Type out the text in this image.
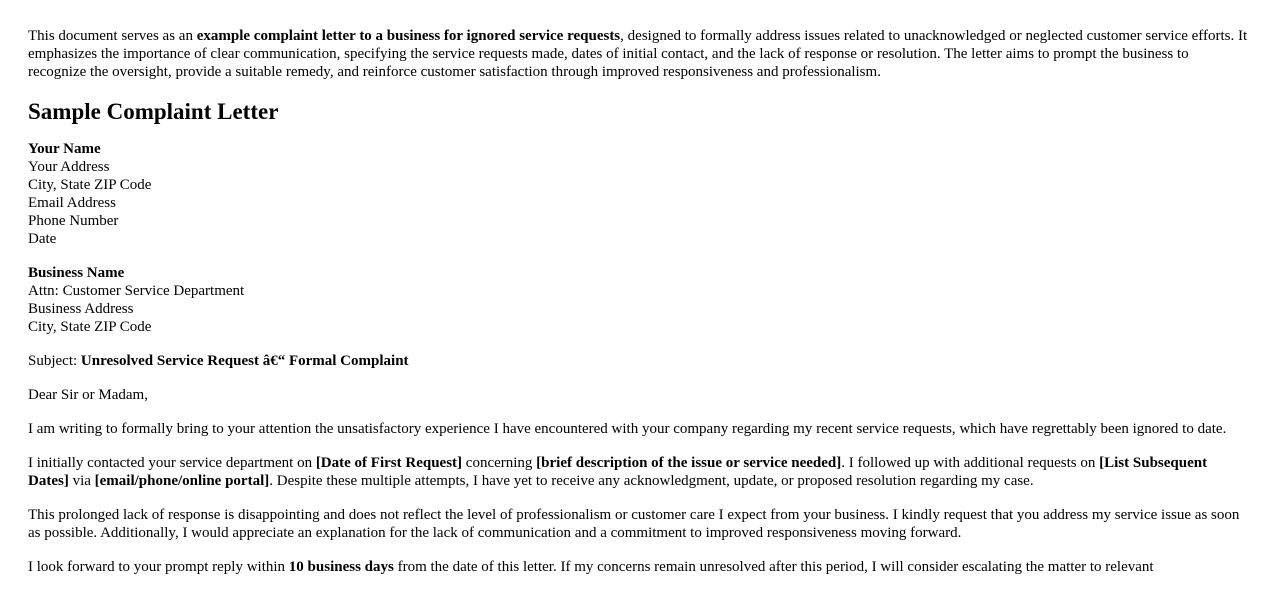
This document serves as an example complaint letter to a business for ignored service requests, designed to formally address issues related to unacknowledged or neglected customer service efforts. It emphasizes the importance of clear communication, specifying the service requests made, dates of initial contact, and the lack of response or resolution. The letter aims to prompt the business to recognize the oversight, provide a suitable remedy, and reinforce customer satisfaction through improved responsiveness and professionalism.

Sample Complaint Letter
Your Name
Your Address
City, State ZIP Code
Email Address
Phone Number
Date
Business Name
Attn: Customer Service Department
Business Address
City, State ZIP Code

Subject: Unresolved Service Request â€“ Formal Complaint

Dear Sir or Madam,

I am writing to formally bring to your attention the unsatisfactory experience I have encountered with your company regarding my recent service requests, which have regrettably been ignored to date.

I initially contacted your service department on [Date of First Request] concerning [brief description of the issue or service needed]. I followed up with additional requests on [List Subsequent Dates] via [email/phone/online portal]. Despite these multiple attempts, I have yet to receive any acknowledgment, update, or proposed resolution regarding my case.

This prolonged lack of response is disappointing and does not reflect the level of professionalism or customer care I expect from your business. I kindly request that you address my service issue as soon as possible. Additionally, I would appreciate an explanation for the lack of communication and a commitment to improved responsiveness moving forward.

I look forward to your prompt reply within 10 business days from the date of this letter. If my concerns remain unresolved after this period, I will consider escalating the matter to relevant
